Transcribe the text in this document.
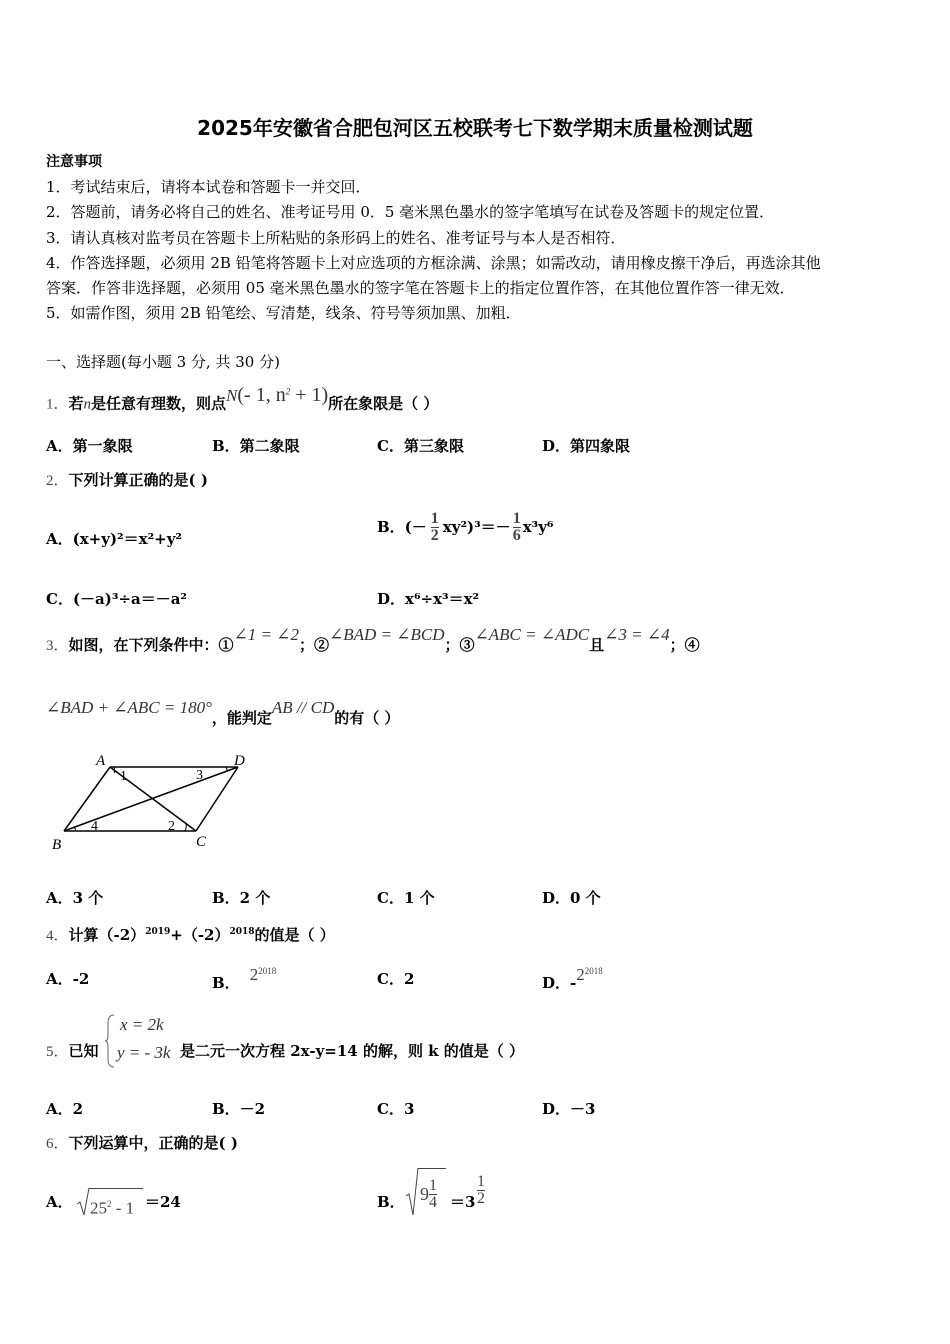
2025年安徽省合肥包河区五校联考七下数学期末质量检测试题
注意事项
1．考试结束后，请将本试卷和答题卡一并交回．
2．答题前，请务必将自己的姓名、准考证号用 0．5 毫米黑色墨水的签字笔填写在试卷及答题卡的规定位置．
3．请认真核对监考员在答题卡上所粘贴的条形码上的姓名、准考证号与本人是否相符．
4．作答选择题，必须用 2B 铅笔将答题卡上对应选项的方框涂满、涂黑；如需改动，请用橡皮擦干净后，再选涂其他
答案．作答非选择题，必须用 05 毫米黑色墨水的签字笔在答题卡上的指定位置作答，在其他位置作答一律无效．
5．如需作图，须用 2B 铅笔绘、写清楚，线条、符号等须加黑、加粗．
一、选择题(每小题 3 分, 共 30 分)
1．若n是任意有理数，则点N(- 1, $n^2 + 1$)所在象限是（ ）
A．第一象限	B．第二象限	C．第三象限	D．第四象限
2．下列计算正确的是( )
A．(x+y)²＝x²+y²
B．(－ $\frac{1}{2} xy^2)^3=- \frac{1}{6} x^3y^6$
C．(－a)³÷a＝－a²	D．x⁶÷x³＝x²
3．如图，在下列条件中：①∠1 = ∠2；②∠BAD = ∠BCD；③∠ABC = ∠ADC且∠3 = ∠4；④
∠BAD + ∠ABC = 180°，能判定AB // CD的有（ ）
A	D
B	C
1	3
4	2
A．3 个	B．2 个	C．1 个	D．0 个
4．计算$(-2)^{2019}+(-2)^{2018}$的值是（ ）
A．-2	B． $2^{2018}$	C．2	D．$-2^{2018}$
5．已知
x = 2k
y = - 3k 是二元一次方程 2x-y=14 的解，则 k 的值是（ ）
A．2	B．－2	C．3	D．－3
6．下列运算中，正确的是( )
A． $25^2 - 1 =24$	B． $9 \frac{1}{4} =3 \frac{1}{2}$
